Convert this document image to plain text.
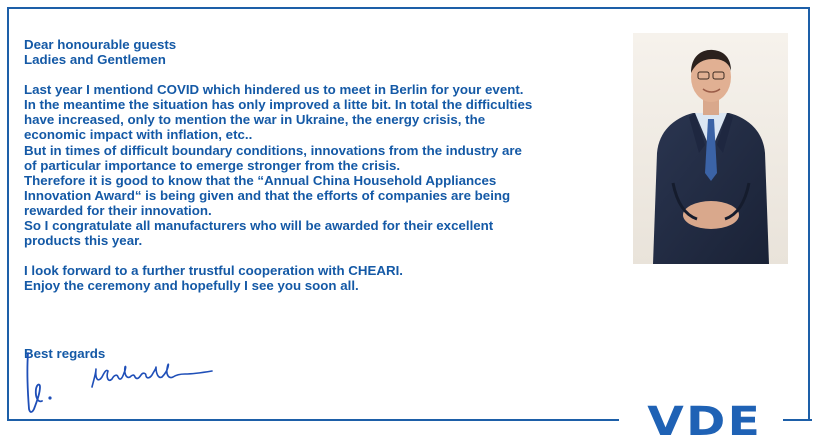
Dear honourable guests

Ladies and Gentlemen

Last year I mentiond COVID which hindered us to meet in Berlin for your event.

In the meantime the situation has only improved a litte bit. In total the difficulties

have increased, only to mention the war in Ukraine, the energy crisis, the

economic impact with inflation, etc..

But in times of difficult boundary conditions, innovations from the industry are

of particular importance to emerge stronger from the crisis.

Therefore it is good to know that the “Annual China Household Appliances

Innovation Award“ is being given and that the efforts of companies are being

rewarded for their innovation.

So I congratulate all manufacturers who will be awarded for their excellent

products this year.

I look forward to a further trustful cooperation with CHEARI.

Enjoy the ceremony and hopefully I see you soon all.

Best regards
VDE
